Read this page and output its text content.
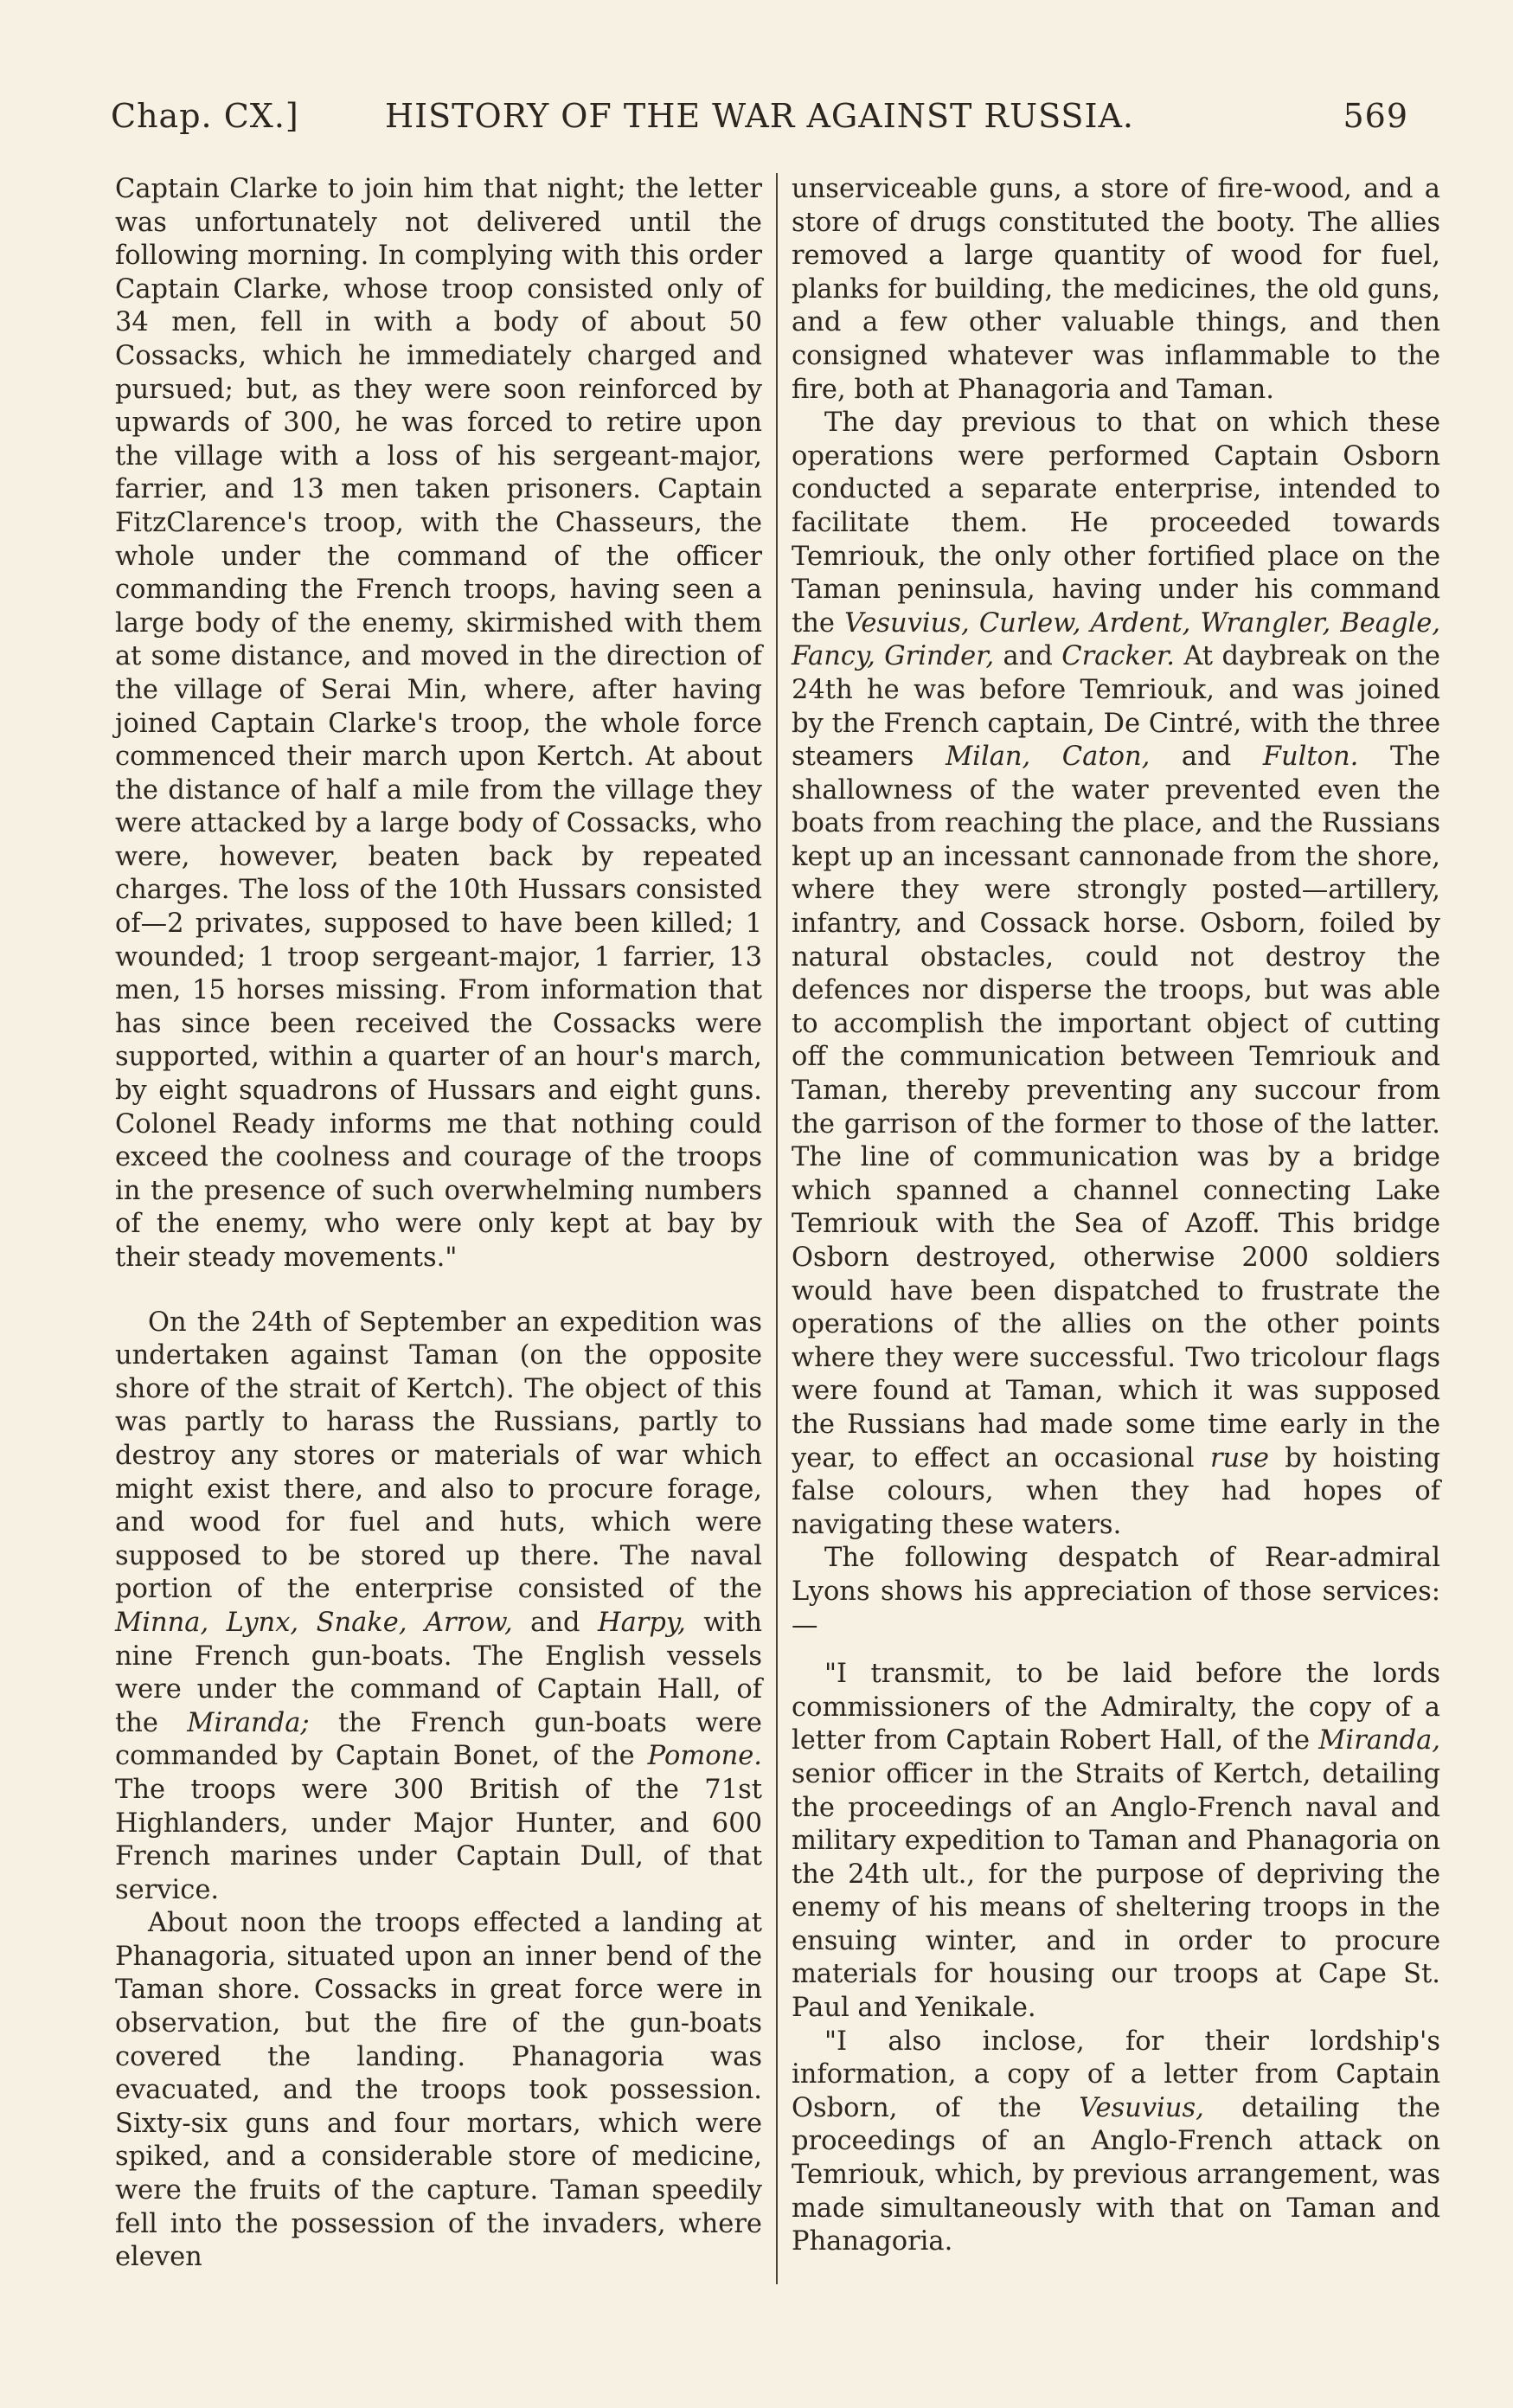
Chap. CX.]	HISTORY OF THE WAR AGAINST RUSSIA.	569

Captain Clarke to join him that night; the letter was unfortunately not delivered until the following morning. In complying with this order Captain Clarke, whose troop consisted only of 34 men, fell in with a body of about 50 Cossacks, which he immediately charged and pursued; but, as they were soon reinforced by upwards of 300, he was forced to retire upon the village with a loss of his sergeant-major, farrier, and 13 men taken prisoners. Captain FitzClarence's troop, with the Chasseurs, the whole under the command of the officer commanding the French troops, having seen a large body of the enemy, skirmished with them at some distance, and moved in the direction of the village of Serai Min, where, after having joined Captain Clarke's troop, the whole force commenced their march upon Kertch. At about the distance of half a mile from the village they were attacked by a large body of Cossacks, who were, however, beaten back by repeated charges. The loss of the 10th Hussars consisted of—2 privates, supposed to have been killed; 1 wounded; 1 troop sergeant-major, 1 farrier, 13 men, 15 horses missing. From information that has since been received the Cossacks were supported, within a quarter of an hour's march, by eight squadrons of Hussars and eight guns. Colonel Ready informs me that nothing could exceed the coolness and courage of the troops in the presence of such overwhelming numbers of the enemy, who were only kept at bay by their steady movements."

On the 24th of September an expedition was undertaken against Taman (on the opposite shore of the strait of Kertch). The object of this was partly to harass the Russians, partly to destroy any stores or materials of war which might exist there, and also to procure forage, and wood for fuel and huts, which were supposed to be stored up there. The naval portion of the enterprise consisted of the Minna, Lynx, Snake, Arrow, and Harpy, with nine French gun-boats. The English vessels were under the command of Captain Hall, of the Miranda; the French gun-boats were commanded by Captain Bonet, of the Pomone. The troops were 300 British of the 71st Highlanders, under Major Hunter, and 600 French marines under Captain Dull, of that service.

About noon the troops effected a landing at Phanagoria, situated upon an inner bend of the Taman shore. Cossacks in great force were in observation, but the fire of the gun-boats covered the landing. Phanagoria was evacuated, and the troops took possession. Sixty-six guns and four mortars, which were spiked, and a considerable store of medicine, were the fruits of the capture. Taman speedily fell into the possession of the invaders, where eleven

unserviceable guns, a store of fire-wood, and a store of drugs constituted the booty. The allies removed a large quantity of wood for fuel, planks for building, the medicines, the old guns, and a few other valuable things, and then consigned whatever was inflammable to the fire, both at Phanagoria and Taman.

The day previous to that on which these operations were performed Captain Osborn conducted a separate enterprise, intended to facilitate them. He proceeded towards Temriouk, the only other fortified place on the Taman peninsula, having under his command the Vesuvius, Curlew, Ardent, Wrangler, Beagle, Fancy, Grinder, and Cracker. At daybreak on the 24th he was before Temriouk, and was joined by the French captain, De Cintré, with the three steamers Milan, Caton, and Fulton. The shallowness of the water prevented even the boats from reaching the place, and the Russians kept up an incessant cannonade from the shore, where they were strongly posted—artillery, infantry, and Cossack horse. Osborn, foiled by natural obstacles, could not destroy the defences nor disperse the troops, but was able to accomplish the important object of cutting off the communication between Temriouk and Taman, thereby preventing any succour from the garrison of the former to those of the latter. The line of communication was by a bridge which spanned a channel connecting Lake Temriouk with the Sea of Azoff. This bridge Osborn destroyed, otherwise 2000 soldiers would have been dispatched to frustrate the operations of the allies on the other points where they were successful. Two tricolour flags were found at Taman, which it was supposed the Russians had made some time early in the year, to effect an occasional ruse by hoisting false colours, when they had hopes of navigating these waters.

The following despatch of Rear-admiral Lyons shows his appreciation of those services:—

"I transmit, to be laid before the lords commissioners of the Admiralty, the copy of a letter from Captain Robert Hall, of the Miranda, senior officer in the Straits of Kertch, detailing the proceedings of an Anglo-French naval and military expedition to Taman and Phanagoria on the 24th ult., for the purpose of depriving the enemy of his means of sheltering troops in the ensuing winter, and in order to procure materials for housing our troops at Cape St. Paul and Yenikale.

"I also inclose, for their lordship's information, a copy of a letter from Captain Osborn, of the Vesuvius, detailing the proceedings of an Anglo-French attack on Temriouk, which, by previous arrangement, was made simultaneously with that on Taman and Phanagoria.
